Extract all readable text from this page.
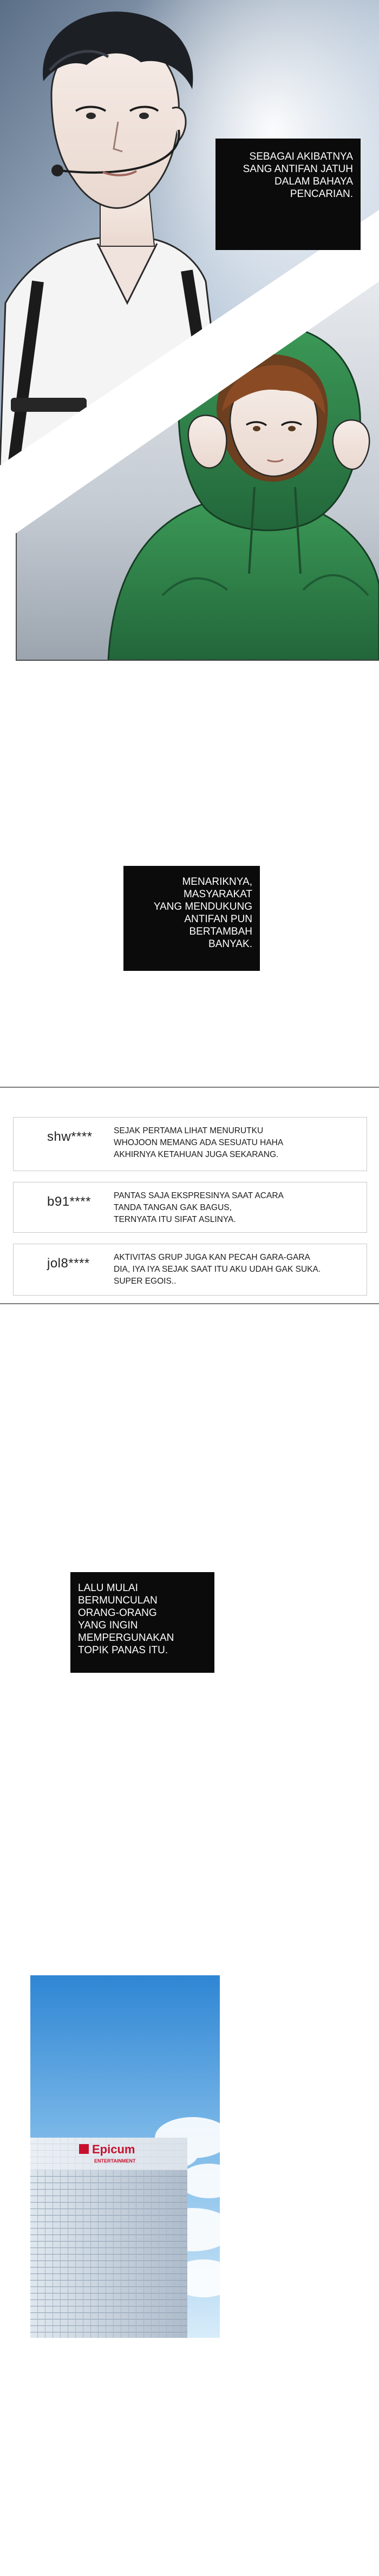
SEBAGAI AKIBATNYA
SANG ANTIFAN JATUH
DALAM BAHAYA
PENCARIAN.
MENARIKNYA,
MASYARAKAT
YANG MENDUKUNG
ANTIFAN PUN
BERTAMBAH
BANYAK.
shw****	SEJAK PERTAMA LIHAT MENURUTKU
WHOJOON MEMANG ADA SESUATU HAHA
AKHIRNYA KETAHUAN JUGA SEKARANG.
b91****	PANTAS SAJA EKSPRESINYA SAAT ACARA
TANDA TANGAN GAK BAGUS,
TERNYATA ITU SIFAT ASLINYA.
jol8****	AKTIVITAS GRUP JUGA KAN PECAH GARA-GARA
DIA, IYA IYA SEJAK SAAT ITU AKU UDAH GAK SUKA.
SUPER EGOIS..
LALU MULAI
BERMUNCULAN
ORANG-ORANG
YANG INGIN
MEMPERGUNAKAN
TOPIK PANAS ITU.
Epicum
ENTERTAINMENT
